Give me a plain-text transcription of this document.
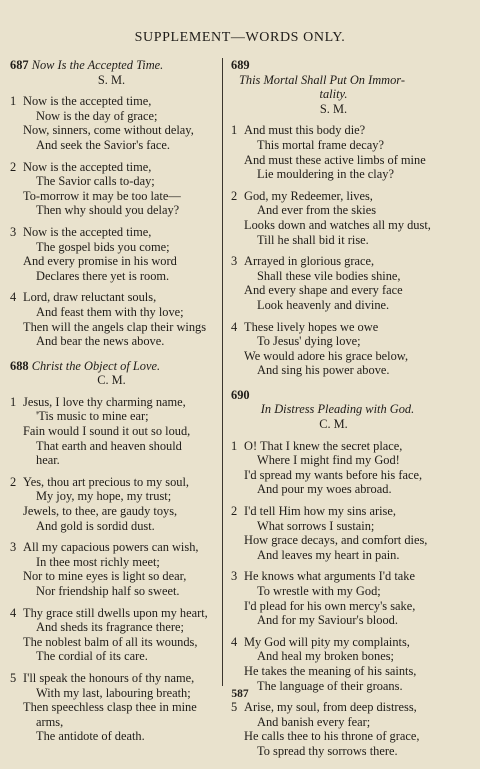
SUPPLEMENT—WORDS ONLY.
687 Now Is the Accepted Time.
S. M.
1 Now is the accepted time,
Now is the day of grace;
Now, sinners, come without delay,
And seek the Savior's face.
2 Now is the accepted time,
The Savior calls to-day;
To-morrow it may be too late—
Then why should you delay?
3 Now is the accepted time,
The gospel bids you come;
And every promise in his word
Declares there yet is room.
4 Lord, draw reluctant souls,
And feast them with thy love;
Then will the angels clap their wings
And bear the news above.
688 Christ the Object of Love.
C. M.
1 Jesus, I love thy charming name,
'Tis music to mine ear;
Fain would I sound it out so loud,
That earth and heaven should
hear.
2 Yes, thou art precious to my soul,
My joy, my hope, my trust;
Jewels, to thee, are gaudy toys,
And gold is sordid dust.
3 All my capacious powers can wish,
In thee most richly meet;
Nor to mine eyes is light so dear,
Nor friendship half so sweet.
4 Thy grace still dwells upon my heart,
And sheds its fragrance there;
The noblest balm of all its wounds,
The cordial of its care.
5 I'll speak the honours of thy name,
With my last, labouring breath;
Then speechless clasp thee in mine
arms,
The antidote of death.
689
This Mortal Shall Put On Immor-
tality.
S. M.
1 And must this body die?
This mortal frame decay?
And must these active limbs of mine
Lie mouldering in the clay?
2 God, my Redeemer, lives,
And ever from the skies
Looks down and watches all my dust,
Till he shall bid it rise.
3 Arrayed in glorious grace,
Shall these vile bodies shine,
And every shape and every face
Look heavenly and divine.
4 These lively hopes we owe
To Jesus' dying love;
We would adore his grace below,
And sing his power above.
690
In Distress Pleading with God.
C. M.
1 O! That I knew the secret place,
Where I might find my God!
I'd spread my wants before his face,
And pour my woes abroad.
2 I'd tell Him how my sins arise,
What sorrows I sustain;
How grace decays, and comfort dies,
And leaves my heart in pain.
3 He knows what arguments I'd take
To wrestle with my God;
I'd plead for his own mercy's sake,
And for my Saviour's blood.
4 My God will pity my complaints,
And heal my broken bones;
He takes the meaning of his saints,
The language of their groans.
5 Arise, my soul, from deep distress,
And banish every fear;
He calls thee to his throne of grace,
To spread thy sorrows there.
587
